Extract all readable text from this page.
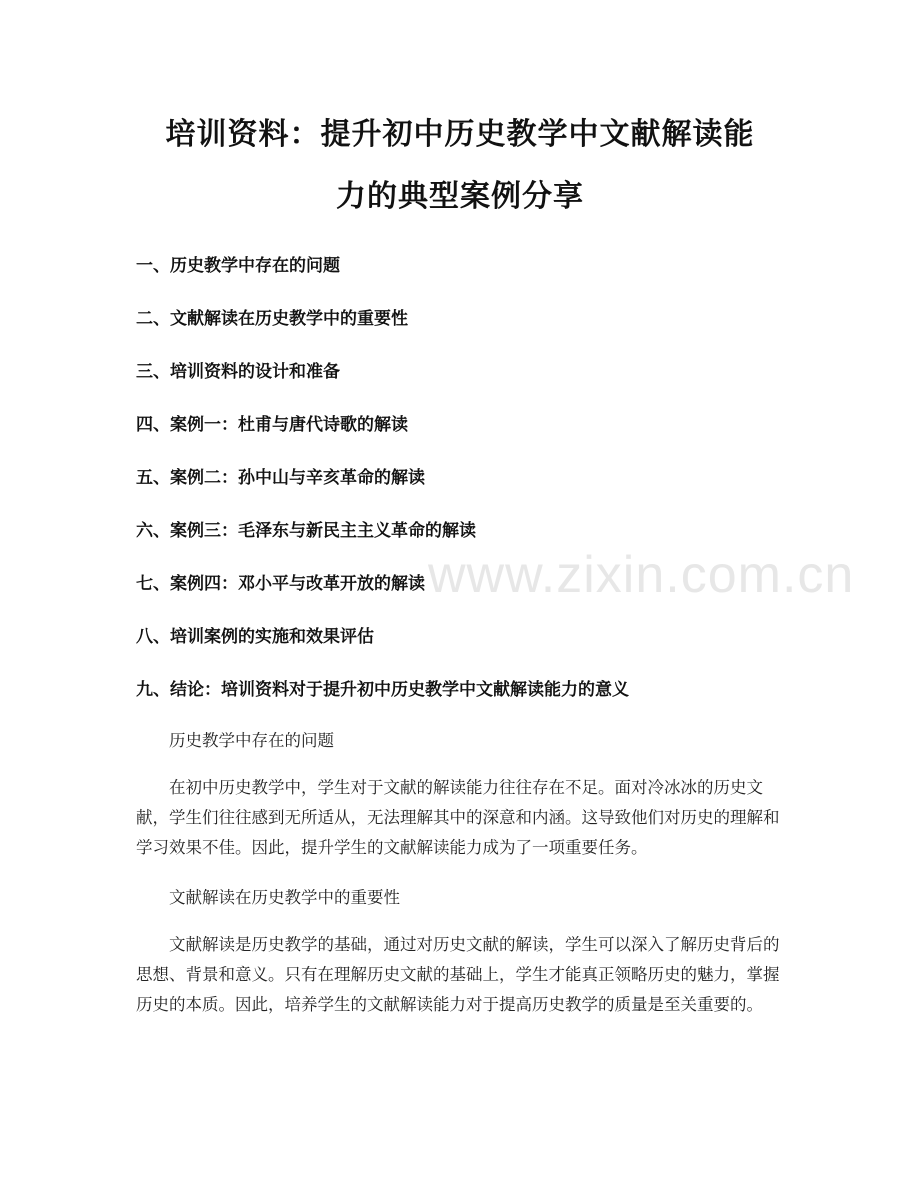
培训资料：提升初中历史教学中文献解读能
力的典型案例分享
一、历史教学中存在的问题
二、文献解读在历史教学中的重要性
三、培训资料的设计和准备
四、案例一：杜甫与唐代诗歌的解读
五、案例二：孙中山与辛亥革命的解读
六、案例三：毛泽东与新民主主义革命的解读
七、案例四：邓小平与改革开放的解读
八、培训案例的实施和效果评估
九、结论：培训资料对于提升初中历史教学中文献解读能力的意义

历史教学中存在的问题

在初中历史教学中，学生对于文献的解读能力往往存在不足。面对冷冰冰的历史文献，学生们往往感到无所适从，无法理解其中的深意和内涵。这导致他们对历史的理解和学习效果不佳。因此，提升学生的文献解读能力成为了一项重要任务。

文献解读在历史教学中的重要性

文献解读是历史教学的基础，通过对历史文献的解读，学生可以深入了解历史背后的思想、背景和意义。只有在理解历史文献的基础上，学生才能真正领略历史的魅力，掌握历史的本质。因此，培养学生的文献解读能力对于提高历史教学的质量是至关重要的。

www.zixin.com.cn
